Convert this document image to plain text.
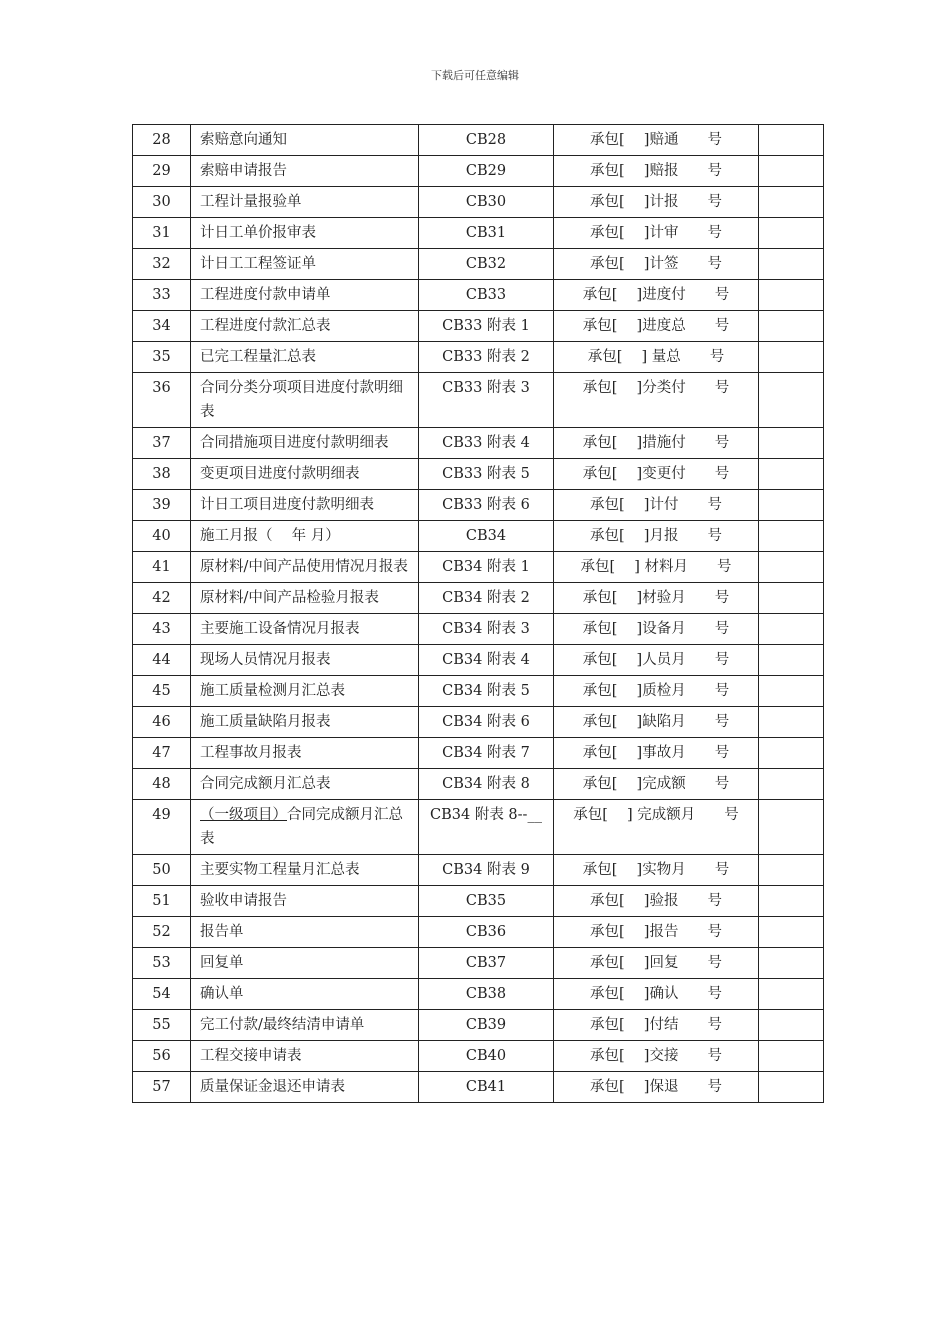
下载后可任意编辑
28	索赔意向通知	CB28	承包[　 ]赔通　　号	
29	索赔申请报告	CB29	承包[　 ]赔报　　号	
30	工程计量报验单	CB30	承包[　 ]计报　　号	
31	计日工单价报审表	CB31	承包[　 ]计审　　号	
32	计日工工程签证单	CB32	承包[　 ]计签　　号	
33	工程进度付款申请单	CB33	承包[　 ]进度付　　号	
34	工程进度付款汇总表	CB33 附表 1	承包[　 ]进度总　　号	
35	已完工程量汇总表	CB33 附表 2	承包[　 ] 量总　　号	
36	合同分类分项项目进度付款明细表	CB33 附表 3	承包[　 ]分类付　　号	
37	合同措施项目进度付款明细表	CB33 附表 4	承包[　 ]措施付　　号	
38	变更项目进度付款明细表	CB33 附表 5	承包[　 ]变更付　　号	
39	计日工项目进度付款明细表	CB33 附表 6	承包[　 ]计付　　号	
40	施工月报（　 年 月）	CB34	承包[　 ]月报　　号	
41	原材料/中间产品使用情况月报表	CB34 附表 1	承包[　 ] 材料月　　号	
42	原材料/中间产品检验月报表	CB34 附表 2	承包[　 ]材验月　　号	
43	主要施工设备情况月报表	CB34 附表 3	承包[　 ]设备月　　号	
44	现场人员情况月报表	CB34 附表 4	承包[　 ]人员月　　号	
45	施工质量检测月汇总表	CB34 附表 5	承包[　 ]质检月　　号	
46	施工质量缺陷月报表	CB34 附表 6	承包[　 ]缺陷月　　号	
47	工程事故月报表	CB34 附表 7	承包[　 ]事故月　　号	
48	合同完成额月汇总表	CB34 附表 8	承包[　 ]完成额　　号	
49	（一级项目）合同完成额月汇总表	CB34 附表 8--__	承包[　 ] 完成额月　　号	
50	主要实物工程量月汇总表	CB34 附表 9	承包[　 ]实物月　　号	
51	验收申请报告	CB35	承包[　 ]验报　　号	
52	报告单	CB36	承包[　 ]报告　　号	
53	回复单	CB37	承包[　 ]回复　　号	
54	确认单	CB38	承包[　 ]确认　　号	
55	完工付款/最终结清申请单	CB39	承包[　 ]付结　　号	
56	工程交接申请表	CB40	承包[　 ]交接　　号	
57	质量保证金退还申请表	CB41	承包[　 ]保退　　号	
